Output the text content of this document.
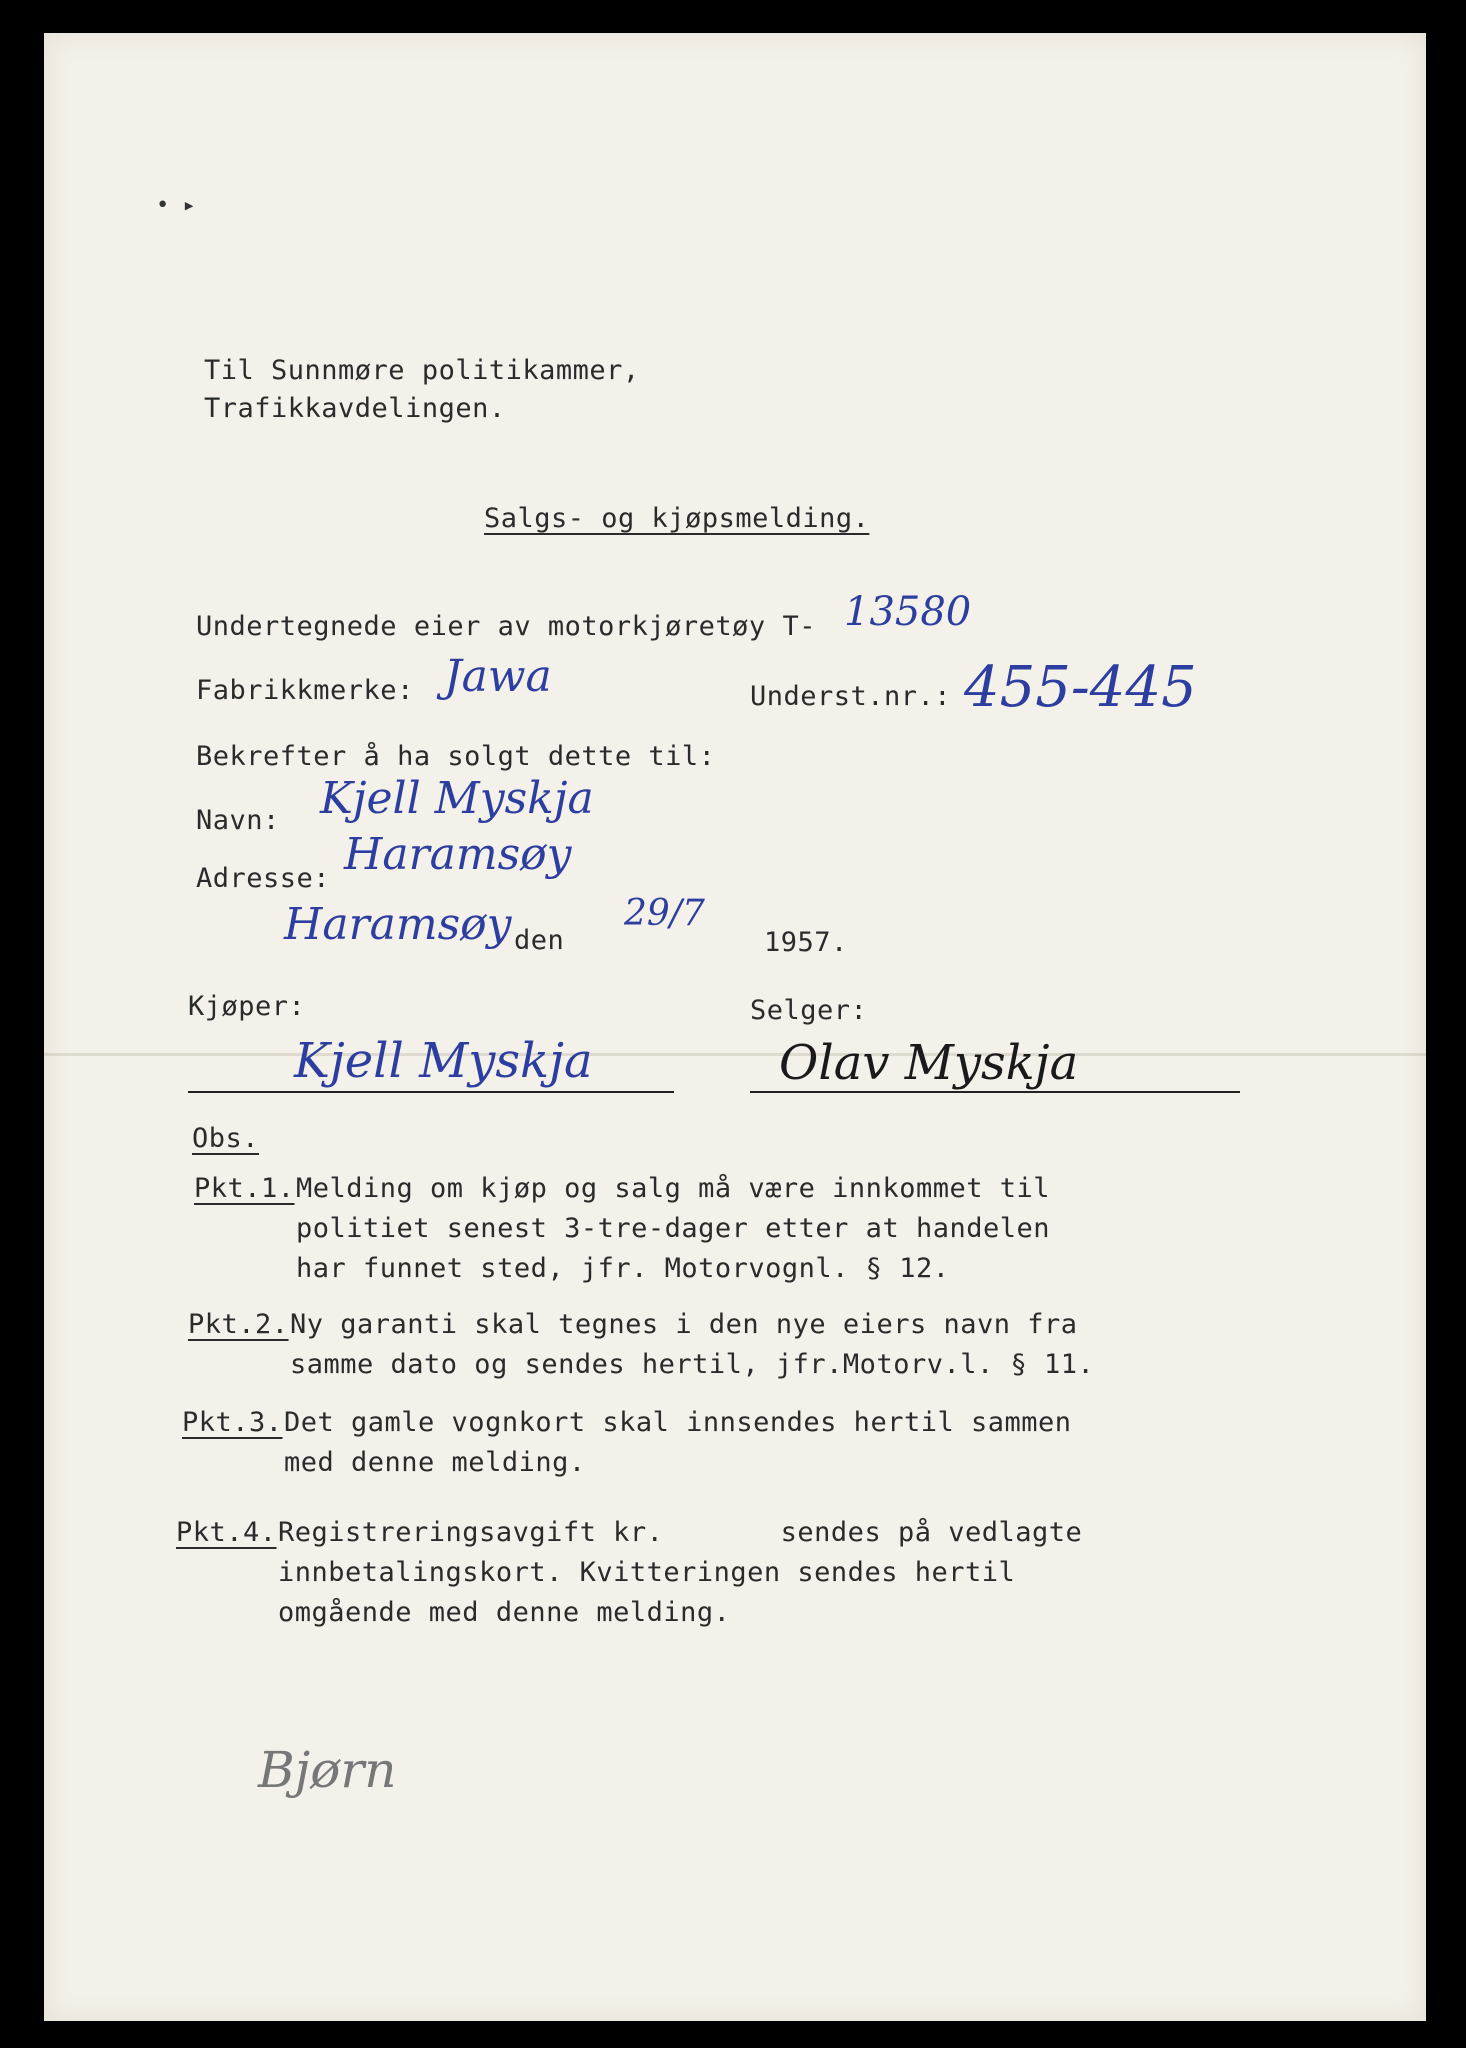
• ▸
Til Sunnmøre politikammer,
Trafikkavdelingen.
Salgs- og kjøpsmelding.
Undertegnede eier av motorkjøretøy T- 13580
Fabrikkmerke: Jawa	Underst.nr.: 455-445
Bekrefter å ha solgt dette til:
Navn: Kjell Myskja
Adresse: Haramsøy
Haramsøy den
29/7
1957.
Kjøper:	Selger:
Kjell Myskja	Olav Myskja
Obs.
Pkt.1. Melding om kjøp og salg må være innkommet til
politiet senest 3-tre-dager etter at handelen
har funnet sted, jfr. Motorvognl. § 12.
Pkt.2. Ny garanti skal tegnes i den nye eiers navn fra
samme dato og sendes hertil, jfr.Motorv.l. § 11.
Pkt.3. Det gamle vognkort skal innsendes hertil sammen
med denne melding.
Pkt.4. Registreringsavgift kr.       sendes på vedlagte
innbetalingskort. Kvitteringen sendes hertil
omgående med denne melding.
Bjørn
